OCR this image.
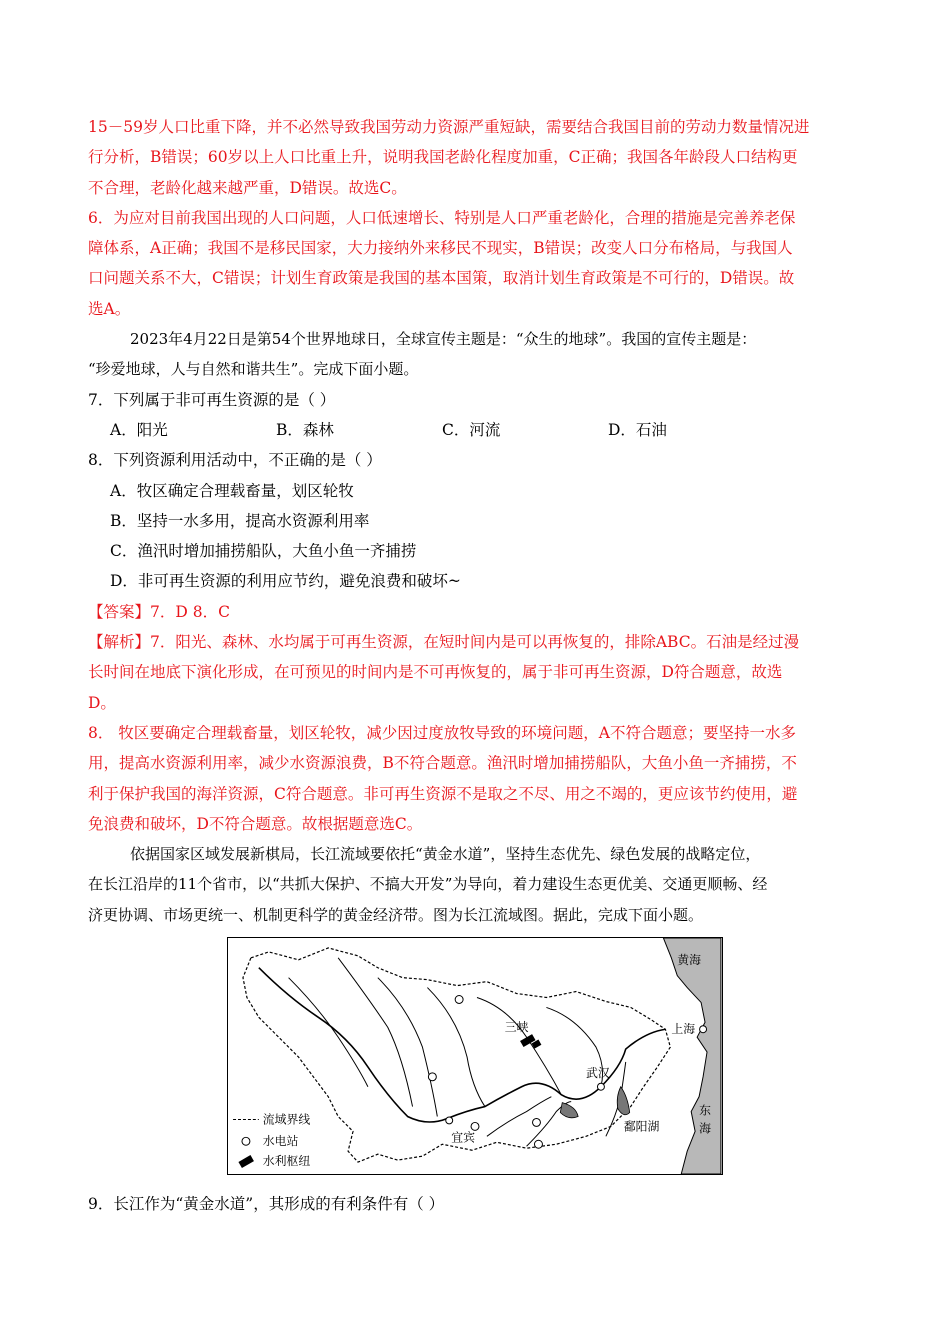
15－59岁人口比重下降，并不必然导致我国劳动力资源严重短缺，需要结合我国目前的劳动力数量情况进
行分析，B错误；60岁以上人口比重上升，说明我国老龄化程度加重，C正确；我国各年龄段人口结构更
不合理，老龄化越来越严重，D错误。故选C。
6．为应对目前我国出现的人口问题，人口低速增长、特别是人口严重老龄化，合理的措施是完善养老保
障体系，A正确；我国不是移民国家，大力接纳外来移民不现实，B错误；改变人口分布格局，与我国人
口问题关系不大，C错误；计划生育政策是我国的基本国策，取消计划生育政策是不可行的，D错误。故
选A。
2023年4月22日是第54个世界地球日，全球宣传主题是：“众生的地球”。我国的宣传主题是：
“珍爱地球，人与自然和谐共生”。完成下面小题。
7．下列属于非可再生资源的是（ ）
A．阳光	B．森林	C．河流	D．石油
8．下列资源利用活动中，不正确的是（ ）
A．牧区确定合理载畜量，划区轮牧
B．坚持一水多用，提高水资源利用率
C．渔汛时增加捕捞船队，大鱼小鱼一齐捕捞
D．非可再生资源的利用应节约，避免浪费和破坏~
【答案】7．D 8．C
【解析】7．阳光、森林、水均属于可再生资源，在短时间内是可以再恢复的，排除ABC。石油是经过漫
长时间在地底下演化形成，在可预见的时间内是不可再恢复的，属于非可再生资源，D符合题意，故选
D。
8． 牧区要确定合理载畜量，划区轮牧，减少因过度放牧导致的环境问题，A不符合题意；要坚持一水多
用，提高水资源利用率，减少水资源浪费，B不符合题意。渔汛时增加捕捞船队，大鱼小鱼一齐捕捞，不
利于保护我国的海洋资源，C符合题意。非可再生资源不是取之不尽、用之不竭的，更应该节约使用，避
免浪费和破坏，D不符合题意。故根据题意选C。
依据国家区域发展新棋局，长江流域要依托“黄金水道”，坚持生态优先、绿色发展的战略定位，
在长江沿岸的11个省市，以“共抓大保护、不搞大开发”为导向，着力建设生态更优美、交通更顺畅、经
济更协调、市场更统一、机制更科学的黄金经济带。图为长江流域图。据此，完成下面小题。
黄海
东
海
上海
武汉
三峡
宜宾
鄱阳湖
流域界线
水电站
水利枢纽
9．长江作为“黄金水道”，其形成的有利条件有（ ）
